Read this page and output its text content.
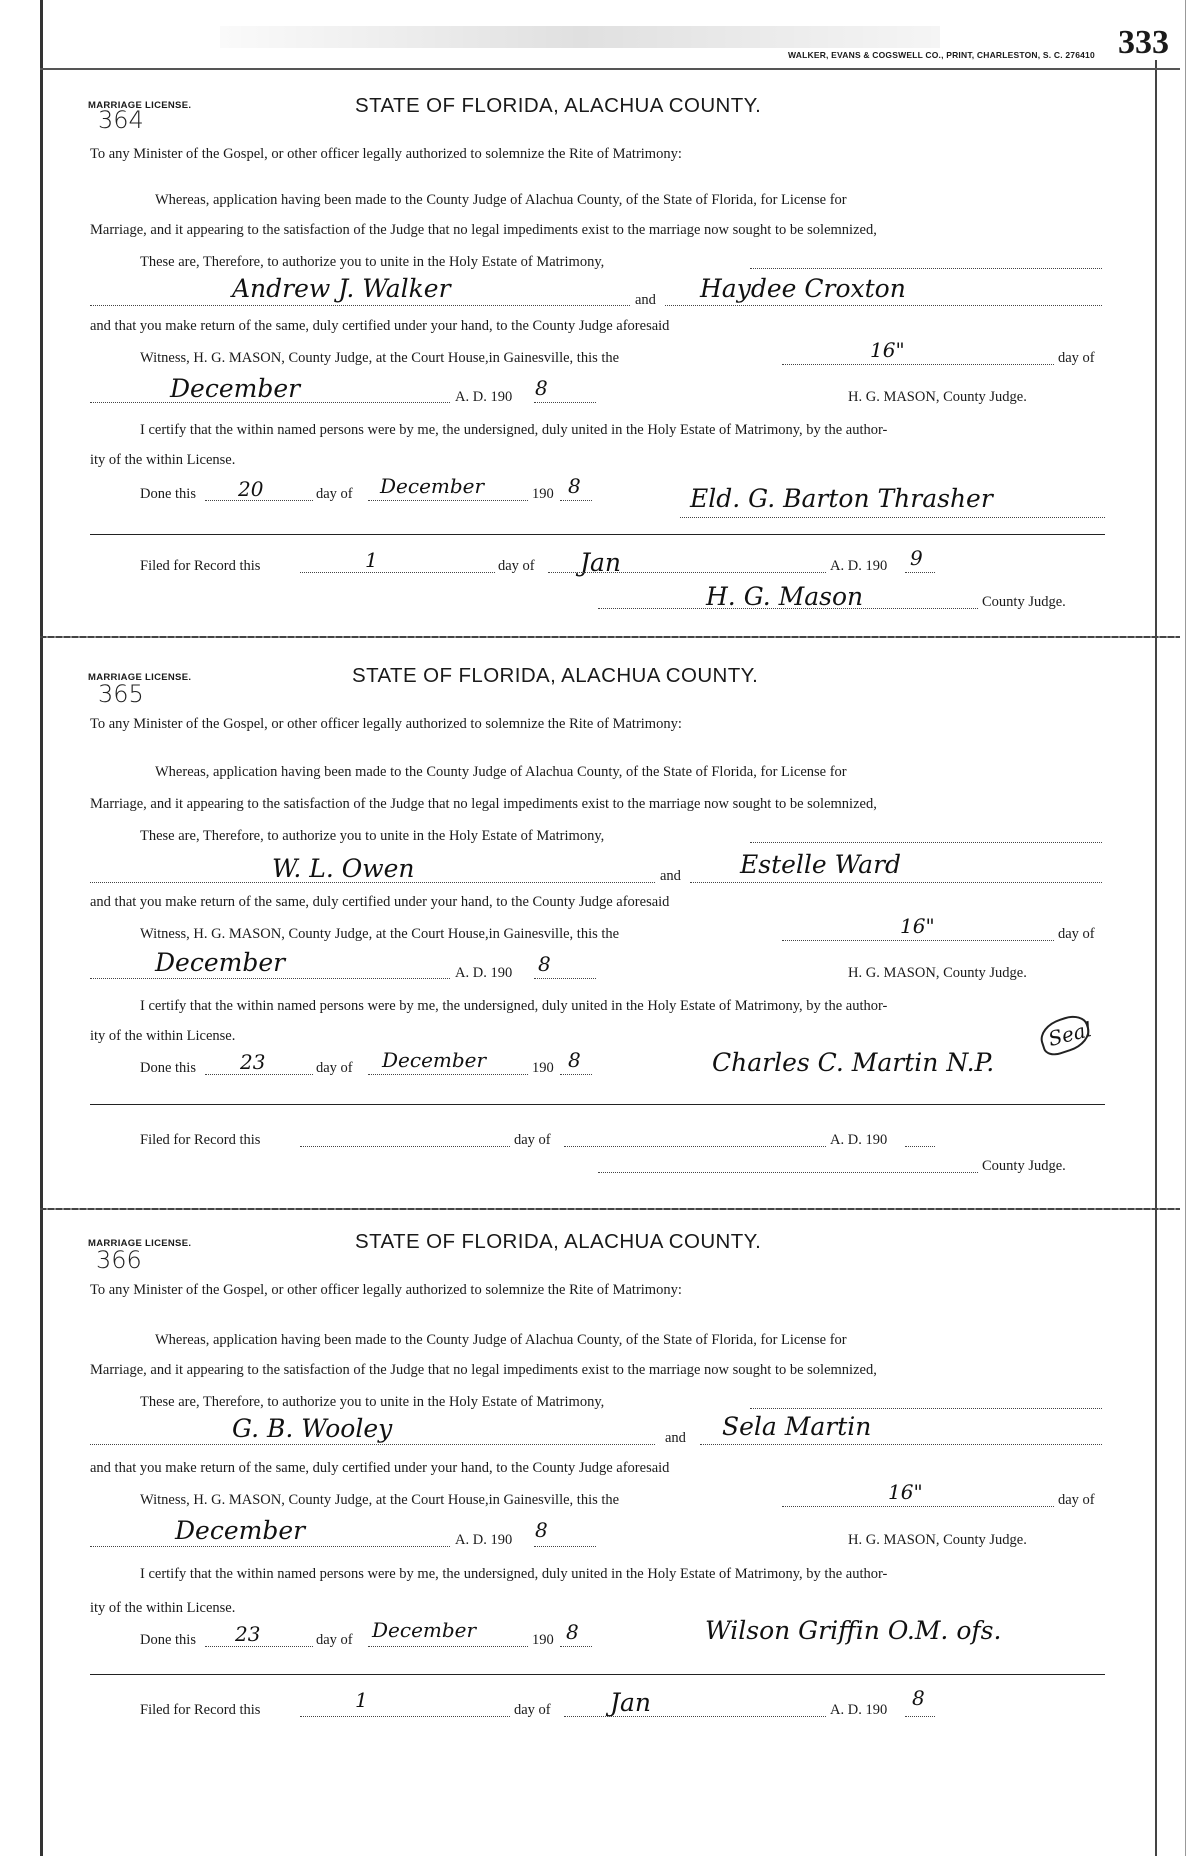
WALKER, EVANS & COGSWELL CO., PRINT, CHARLESTON, S. C. 276410 333
MARRIAGE LICENSE.
364
STATE OF FLORIDA, ALACHUA COUNTY.
To any Minister of the Gospel, or other officer legally authorized to solemnize the Rite of Matrimony:
Whereas, application having been made to the County Judge of Alachua County, of the State of Florida, for License for
Marriage, and it appearing to the satisfaction of the Judge that no legal impediments exist to the marriage now sought to be solemnized,
These are, Therefore, to authorize you to unite in the Holy Estate of Matrimony,
Andrew J. Walker	and Haydee Croxton
and that you make return of the same, duly certified under your hand, to the County Judge aforesaid
Witness, H. G. MASON, County Judge, at the Court House,in Gainesville, this the	16"	day of
December	A. D. 190 8	H. G. MASON, County Judge.
I certify that the within named persons were by me, the undersigned, duly united in the Holy Estate of Matrimony, by the author-
ity of the within License.
Done this 20	day of December	190 8	Eld. G. Barton Thrasher
Filed for Record this	1	day of Jan	A. D. 190 9
H. G. Mason	County Judge.
MARRIAGE LICENSE.
365
STATE OF FLORIDA, ALACHUA COUNTY.
To any Minister of the Gospel, or other officer legally authorized to solemnize the Rite of Matrimony:
Whereas, application having been made to the County Judge of Alachua County, of the State of Florida, for License for
Marriage, and it appearing to the satisfaction of the Judge that no legal impediments exist to the marriage now sought to be solemnized,
These are, Therefore, to authorize you to unite in the Holy Estate of Matrimony,
W. L. Owen	and Estelle Ward
and that you make return of the same, duly certified under your hand, to the County Judge aforesaid
Witness, H. G. MASON, County Judge, at the Court House,in Gainesville, this the	16"	day of
December	A. D. 190 8	H. G. MASON, County Judge.
I certify that the within named persons were by me, the undersigned, duly united in the Holy Estate of Matrimony, by the author-
ity of the within License.
Done this 23	day of December	190 8	Charles C. Martin N.P.
Seal
Filed for Record this	day of	A. D. 190
County Judge.
MARRIAGE LICENSE.
366
STATE OF FLORIDA, ALACHUA COUNTY.
To any Minister of the Gospel, or other officer legally authorized to solemnize the Rite of Matrimony:
Whereas, application having been made to the County Judge of Alachua County, of the State of Florida, for License for
Marriage, and it appearing to the satisfaction of the Judge that no legal impediments exist to the marriage now sought to be solemnized,
These are, Therefore, to authorize you to unite in the Holy Estate of Matrimony,
G. B. Wooley	and Sela Martin
and that you make return of the same, duly certified under your hand, to the County Judge aforesaid
Witness, H. G. MASON, County Judge, at the Court House,in Gainesville, this the	16"	day of
December	A. D. 190 8	H. G. MASON, County Judge.
I certify that the within named persons were by me, the undersigned, duly united in the Holy Estate of Matrimony, by the author-
ity of the within License.
Done this 23	day of December	190 8	Wilson Griffin O.M. ofs.
Filed for Record this	1	day of Jan	A. D. 190 8
